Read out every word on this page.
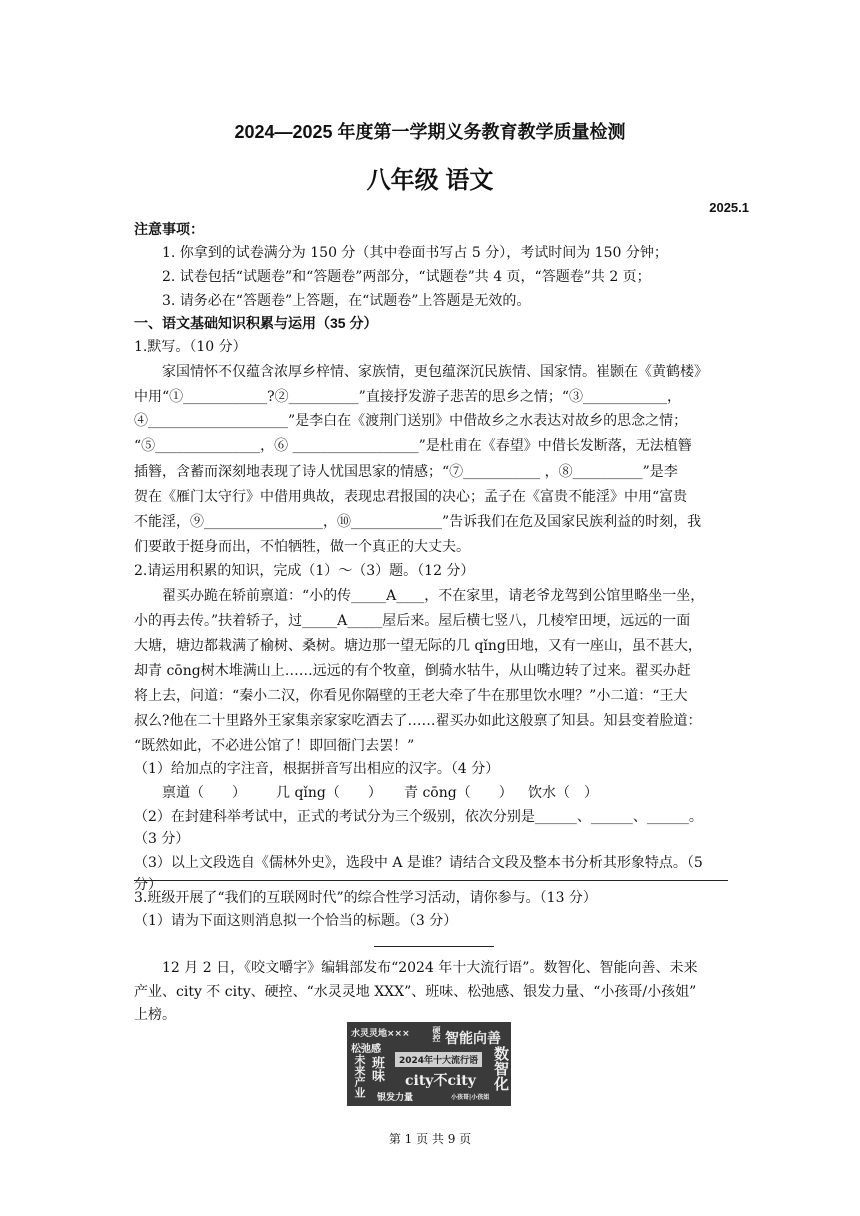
2024—2025 年度第一学期义务教育教学质量检测
八年级 语文
2025.1
注意事项：
1. 你拿到的试卷满分为 150 分（其中卷面书写占 5 分），考试时间为 150 分钟；
2. 试卷包括“试题卷”和“答题卷”两部分，“试题卷”共 4 页，“答题卷”共 2 页；
3. 请务必在“答题卷”上答题，在“试题卷”上答题是无效的。
一、语文基础知识积累与运用（35 分）
1.默写。（10 分）
家国情怀不仅蕴含浓厚乡梓情、家族情，更包蕴深沉民族情、国家情。崔颢在《黄鹤楼》
中用“①____________?②__________”直接抒发游子悲苦的思乡之情；“③____________，
④____________________”是李白在《渡荆门送别》中借故乡之水表达对故乡的思念之情；
“⑤_______________，⑥ __________________”是杜甫在《春望》中借长发断落，无法植簪
插簪，含蓄而深刻地表现了诗人忧国思家的情感；“⑦___________ ，⑧__________”是李
贺在《雁门太守行》中借用典故，表现忠君报国的决心；孟子在《富贵不能淫》中用“富贵
不能淫，⑨_________________，⑩_____________”告诉我们在危及国家民族利益的时刻，我
们要敢于挺身而出，不怕牺牲，做一个真正的大丈夫。
2.请运用积累的知识，完成（1）～（3）题。（12 分）
翟买办跪在轿前禀道：“小的传_____A____，不在家里，请老爷龙驾到公馆里略坐一坐，
小的再去传。”扶着轿子，过_____A_____屋后来。屋后横七竖八，几棱窄田埂，远远的一面
大塘，塘边都栽满了榆树、桑树。塘边那一望无际的几 qǐng田地，又有一座山，虽不甚大，
却青 cōng树木堆满山上……远远的有个牧童，倒骑水牯牛，从山嘴边转了过来。翟买办赶
将上去，问道：“秦小二汉，你看见你隔壁的王老大牵了牛在那里饮水哩？”小二道：“王大
叔么?他在二十里路外王家集亲家家吃酒去了……翟买办如此这般禀了知县。知县变着脸道：
“既然如此，不必进公馆了！即回衙门去罢！”
（1）给加点的字注音，根据拼音写出相应的汉字。（4 分）
禀道（　　） 几 qǐng（　　） 青 cōng（　　） 饮水（　）
（2）在封建科举考试中，正式的考试分为三个级别，依次分别是______、______、______。
（3 分）
（3）以上文段选自《儒林外史》，选段中 A 是谁？请结合文段及整本书分析其形象特点。（5
分）
3.班级开展了“我们的互联网时代”的综合性学习活动，请你参与。（13 分）
（1）请为下面这则消息拟一个恰当的标题。（3 分）
12 月 2 日，《咬文嚼字》编辑部发布“2024 年十大流行语”。数智化、智能向善、未来
产业、city 不 city、硬控、“水灵灵地 XXX”、班味、松弛感、银发力量、“小孩哥/小孩姐”
上榜。
水灵灵地×××
松弛感
硬控 智能向善
2024年十大流行语
未来产业 班味	数智化
city不city
银发力量	小孩哥|小孩姐
第 1 页 共 9 页
